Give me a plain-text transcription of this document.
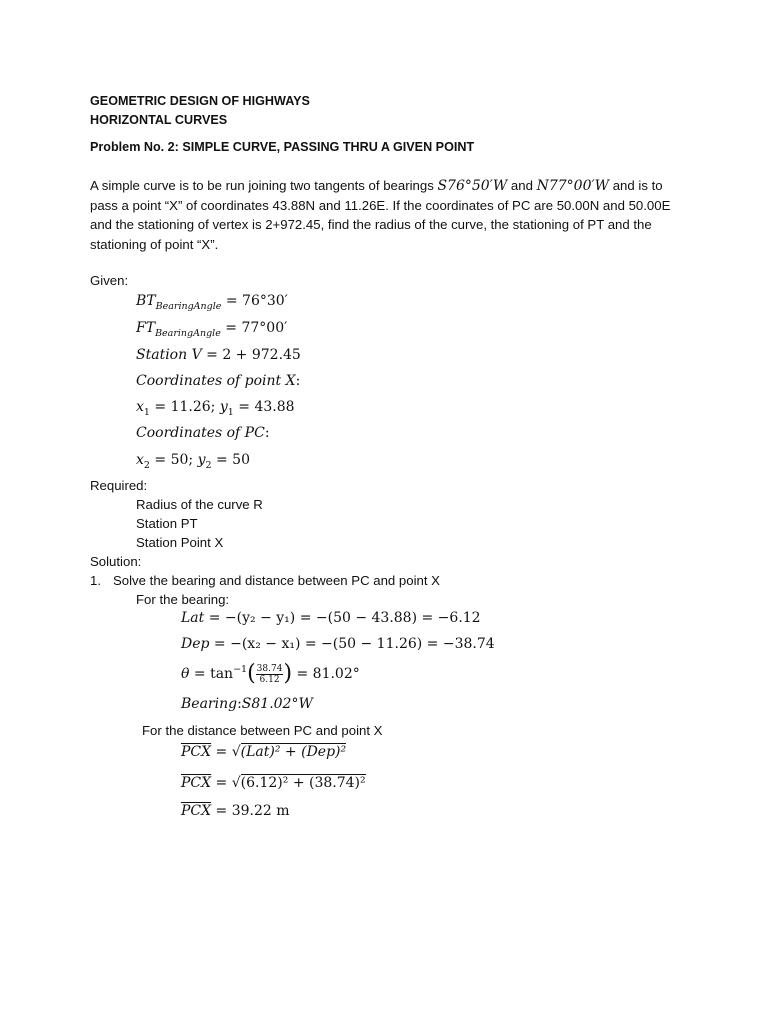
GEOMETRIC DESIGN OF HIGHWAYS
HORIZONTAL CURVES
Problem No. 2: SIMPLE CURVE, PASSING THRU A GIVEN POINT
A simple curve is to be run joining two tangents of bearings S76°50′W and N77°00′W and is to pass a point “X” of coordinates 43.88N and 11.26E. If the coordinates of PC are 50.00N and 50.00E and the stationing of vertex is 2+972.45, find the radius of the curve, the stationing of PT and the stationing of point “X”.
Given:
$BT_{BearingAngle} = 76^\circ 30'$
$FT_{BearingAngle} = 77^\circ 00'$
Station V = 2 + 972.45
Coordinates of point X:
$x_1 = 11.26$; $y_1 = 43.88$
Coordinates of PC:
$x_2 = 50$; $y_2 = 50$
Required:
Radius of the curve R
Station PT
Station Point X
Solution:
1. Solve the bearing and distance between PC and point X
For the bearing:
Lat = −(y₂ − y₁) = −(50 − 43.88) = −6.12
Dep = −(x₂ − x₁) = −(50 − 11.26) = −38.74
$\theta = \tan^{-1}( \frac{38.74}{6.12}$ ) = 81.02°
Bearing:S81.02°W
For the distance between PC and point X
$\overline{PCX} = √(Lat)^2 + (Dep)^2$
$\overline{PCX} = √(6.12)^2 + (38.74)^2$
$\overline{PCX} = 39.22$ m
